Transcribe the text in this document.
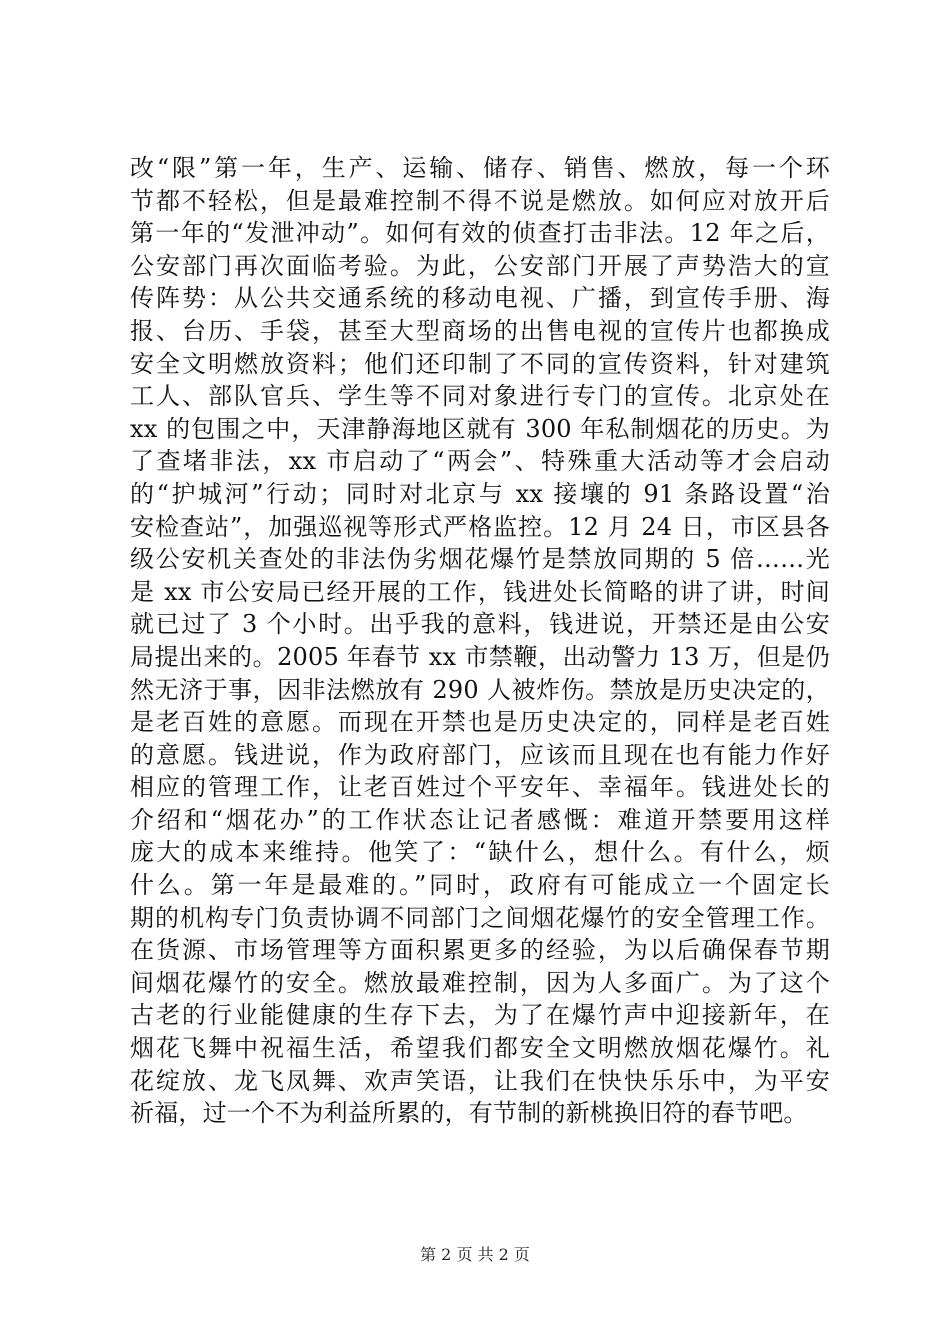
改“限”第一年，生产、运输、储存、销售、燃放，每一个环
节都不轻松，但是最难控制不得不说是燃放。如何应对放开后
第一年的“发泄冲动”。如何有效的侦查打击非法。12 年之后，
公安部门再次面临考验。为此，公安部门开展了声势浩大的宣
传阵势：从公共交通系统的移动电视、广播，到宣传手册、海
报、台历、手袋，甚至大型商场的出售电视的宣传片也都换成
安全文明燃放资料；他们还印制了不同的宣传资料，针对建筑
工人、部队官兵、学生等不同对象进行专门的宣传。北京处在
xx 的包围之中，天津静海地区就有 300 年私制烟花的历史。为
了查堵非法，xx 市启动了“两会”、特殊重大活动等才会启动
的“护城河”行动；同时对北京与 xx 接壤的 91 条路设置“治
安检查站”，加强巡视等形式严格监控。12 月 24 日，市区县各
级公安机关查处的非法伪劣烟花爆竹是禁放同期的 5 倍……光
是 xx 市公安局已经开展的工作，钱进处长简略的讲了讲，时间
就已过了 3 个小时。出乎我的意料，钱进说，开禁还是由公安
局提出来的。2005 年春节 xx 市禁鞭，出动警力 13 万，但是仍
然无济于事，因非法燃放有 290 人被炸伤。禁放是历史决定的，
是老百姓的意愿。而现在开禁也是历史决定的，同样是老百姓
的意愿。钱进说，作为政府部门，应该而且现在也有能力作好
相应的管理工作，让老百姓过个平安年、幸福年。钱进处长的
介绍和“烟花办”的工作状态让记者感慨：难道开禁要用这样
庞大的成本来维持。他笑了：“缺什么，想什么。有什么，烦
什么。第一年是最难的。”同时，政府有可能成立一个固定长
期的机构专门负责协调不同部门之间烟花爆竹的安全管理工作。
在货源、市场管理等方面积累更多的经验，为以后确保春节期
间烟花爆竹的安全。燃放最难控制，因为人多面广。为了这个
古老的行业能健康的生存下去，为了在爆竹声中迎接新年，在
烟花飞舞中祝福生活，希望我们都安全文明燃放烟花爆竹。礼
花绽放、龙飞凤舞、欢声笑语，让我们在快快乐乐中，为平安
祈福，过一个不为利益所累的，有节制的新桃换旧符的春节吧。
第 2 页 共 2 页
